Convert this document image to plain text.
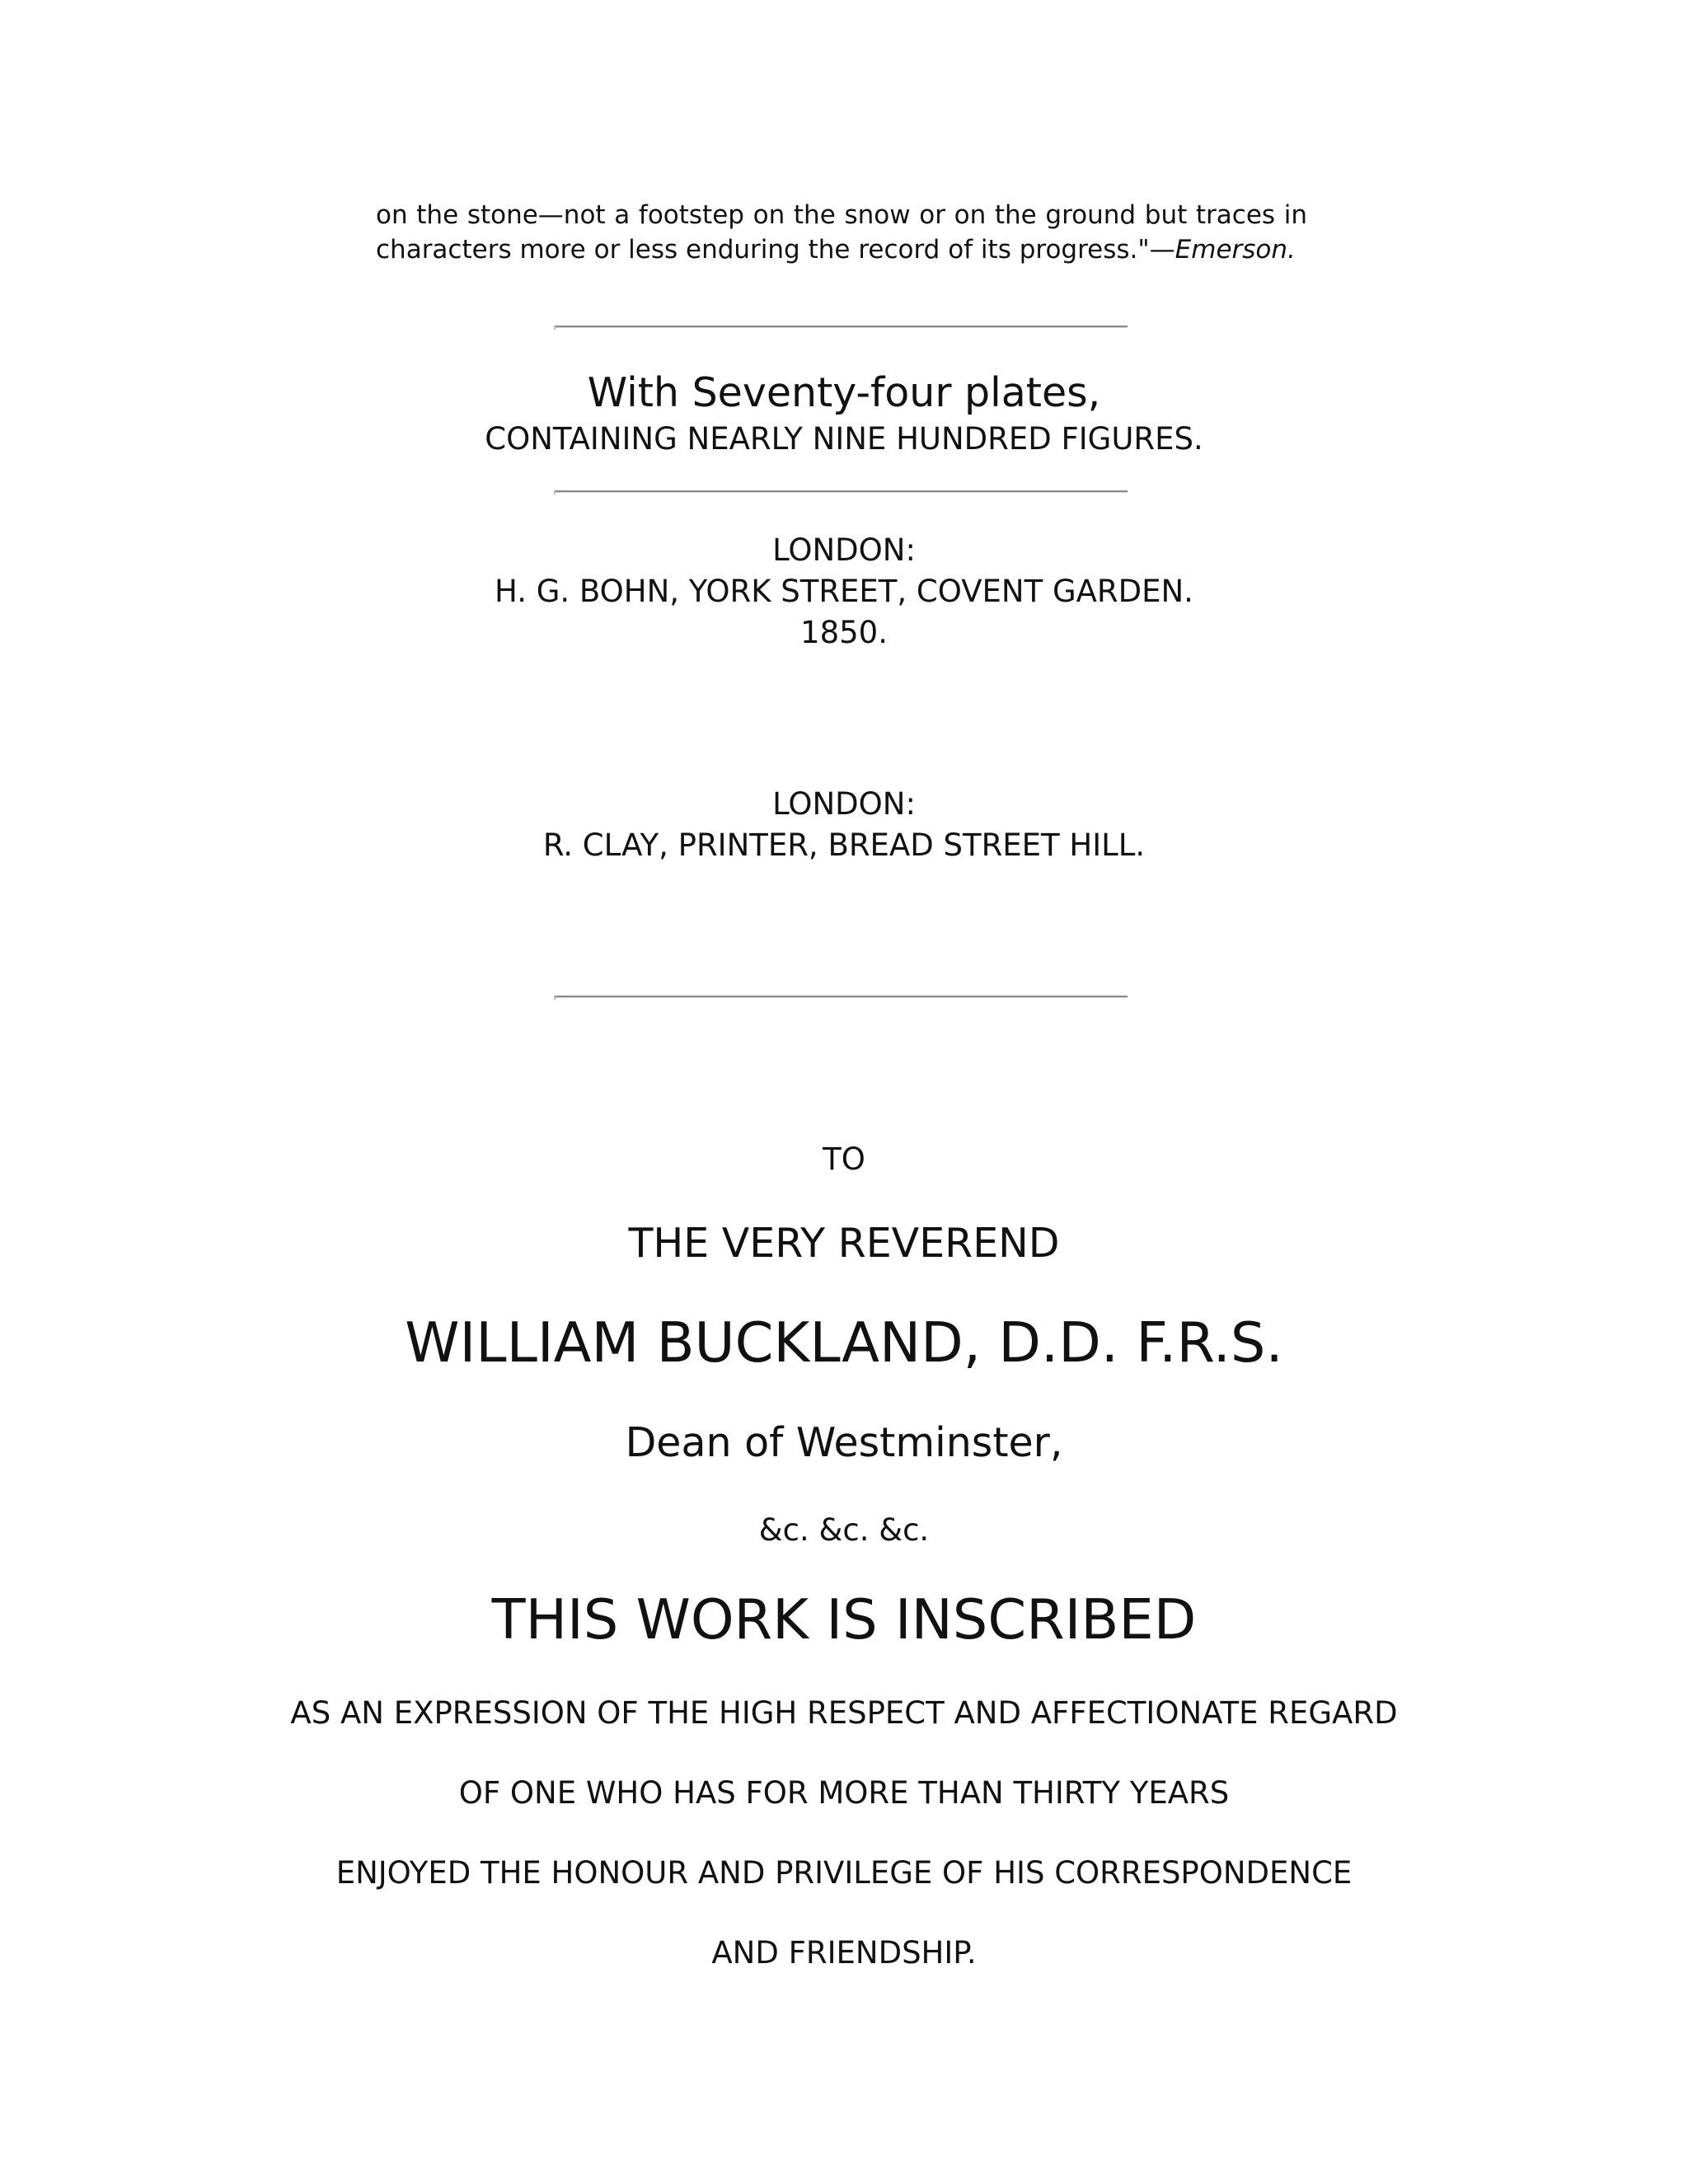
on the stone—not a footstep on the snow or on the ground but traces in
characters more or less enduring the record of its progress."—Emerson.
With Seventy-four plates,
CONTAINING NEARLY NINE HUNDRED FIGURES.
LONDON:
H. G. BOHN, YORK STREET, COVENT GARDEN.
1850.
LONDON:
R. CLAY, PRINTER, BREAD STREET HILL.
TO
THE VERY REVEREND
WILLIAM BUCKLAND, D.D. F.R.S.
Dean of Westminster,
&c. &c. &c.
THIS WORK IS INSCRIBED
AS AN EXPRESSION OF THE HIGH RESPECT AND AFFECTIONATE REGARD
OF ONE WHO HAS FOR MORE THAN THIRTY YEARS
ENJOYED THE HONOUR AND PRIVILEGE OF HIS CORRESPONDENCE
AND FRIENDSHIP.
